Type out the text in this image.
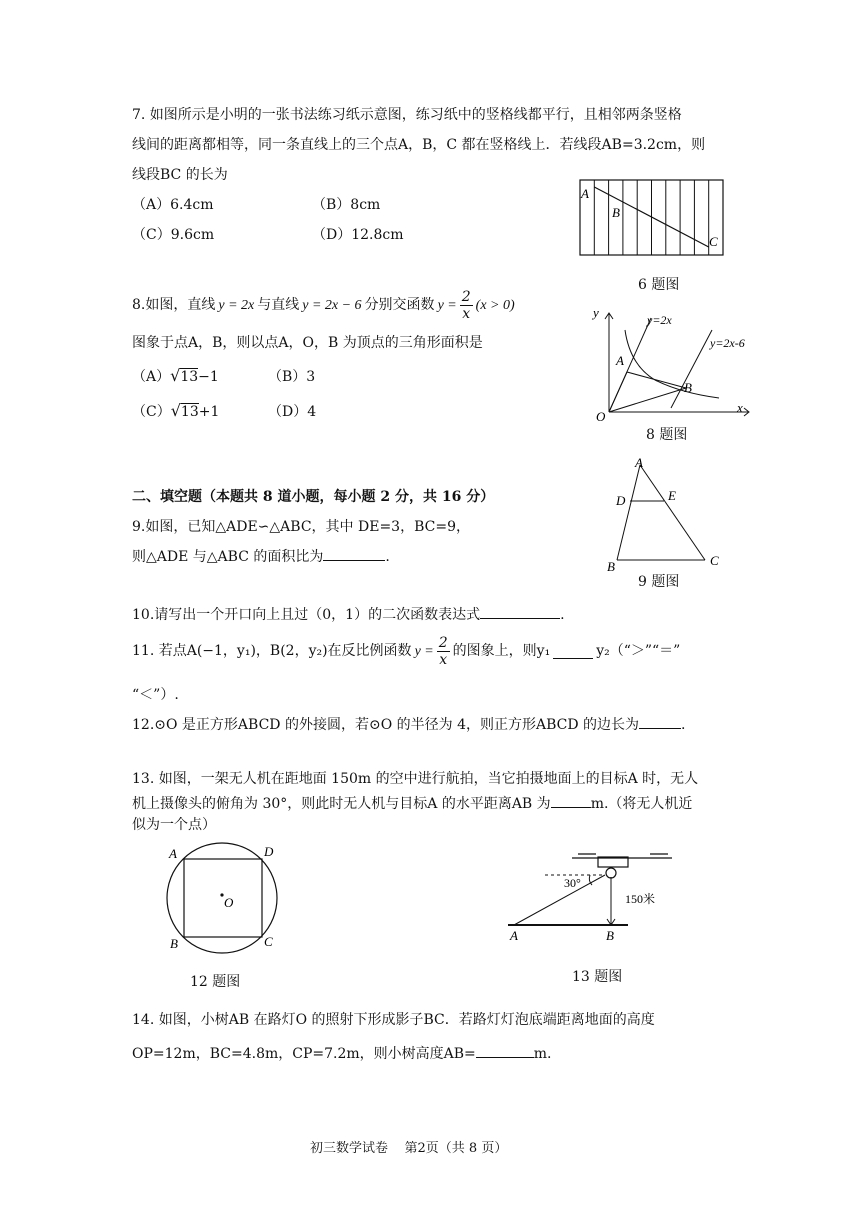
7. 如图所示是小明的一张书法练习纸示意图，练习纸中的竖格线都平行，且相邻两条竖格
线间的距离都相等，同一条直线上的三个点A，B，C 都在竖格线上．若线段AB=3.2cm，则
线段BC 的长为
（A）6.4cm	（B）8cm
（C）9.6cm	（D）12.8cm
A
B
C
6 题图
8.如图，直线 y = 2x 与直线 y = 2x − 6 分别交函数 $y = \frac{2}{x} (x > 0)$
图象于点A，B，则以点A，O，B 为顶点的三角形面积是
（A）√13−1	（B）3
（C）√13+1	（D）4
y
x
O
A
B
y=2x
y=2x-6
8 题图
二、填空题（本题共 8 道小题，每小题 2 分，共 16 分）
9.如图，已知△ADE∽△ABC，其中 DE=3，BC=9，
则△ADE 与△ABC 的面积比为	.
A
D	E
B	C
9 题图
10.请写出一个开口向上且过（0，1）的二次函数表达式	.
11. 若点A(−1，y₁)，B(2，y₂)在反比例函数 $y = \frac{2}{x}$ 的图象上，则y₁	y₂（“＞”“＝”
“＜”）.
12.⊙O 是正方形ABCD 的外接圆，若⊙O 的半径为 4，则正方形ABCD 的边长为	.
13. 如图，一架无人机在距地面 150m 的空中进行航拍，当它拍摄地面上的目标A 时，无人
机上摄像头的俯角为 30°，则此时无人机与目标A 的水平距离AB 为	m.（将无人机近
似为一个点）
A	D
O
B	C
12 题图
30°
150米
A	B
13 题图
14. 如图，小树AB 在路灯O 的照射下形成影子BC．若路灯灯泡底端距离地面的高度
OP=12m，BC=4.8m，CP=7.2m，则小树高度AB=	m.
初三数学试卷    第2页（共 8 页）
